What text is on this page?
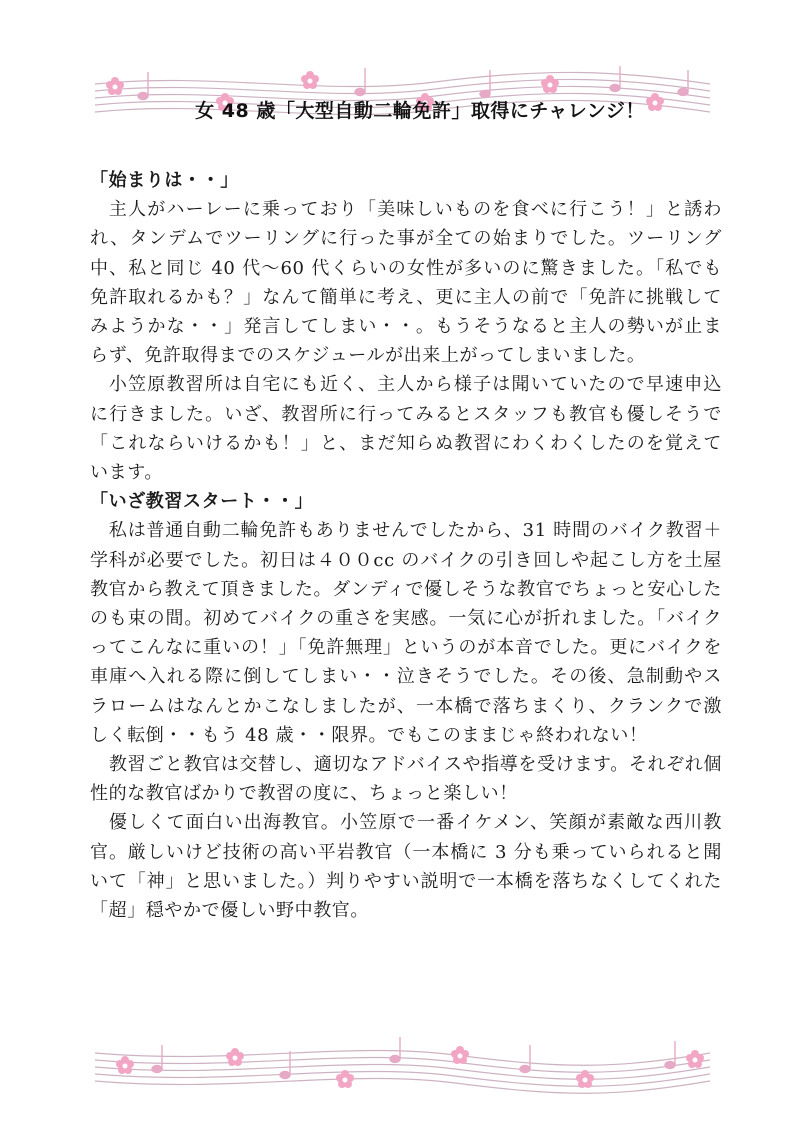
女 48 歳「大型自動二輪免許」取得にチャレンジ！

「始まりは・・」

主人がハーレーに乗っており「美味しいものを食べに行こう！」と誘われ、タンデムでツーリングに行った事が全ての始まりでした。ツーリング中、私と同じ 40 代〜60 代くらいの女性が多いのに驚きました。「私でも免許取れるかも？」なんて簡単に考え、更に主人の前で「免許に挑戦してみようかな・・」発言してしまい・・。もうそうなると主人の勢いが止まらず、免許取得までのスケジュールが出来上がってしまいました。

小笠原教習所は自宅にも近く、主人から様子は聞いていたので早速申込に行きました。いざ、教習所に行ってみるとスタッフも教官も優しそうで「これならいけるかも！」と、まだ知らぬ教習にわくわくしたのを覚えています。

「いざ教習スタート・・」

私は普通自動二輪免許もありませんでしたから、31 時間のバイク教習＋学科が必要でした。初日は４００cc のバイクの引き回しや起こし方を土屋教官から教えて頂きました。ダンディで優しそうな教官でちょっと安心したのも束の間。初めてバイクの重さを実感。一気に心が折れました。「バイクってこんなに重いの！」「免許無理」というのが本音でした。更にバイクを車庫へ入れる際に倒してしまい・・泣きそうでした。その後、急制動やスラロームはなんとかこなしましたが、一本橋で落ちまくり、クランクで激しく転倒・・もう 48 歳・・限界。でもこのままじゃ終われない！

教習ごと教官は交替し、適切なアドバイスや指導を受けます。それぞれ個性的な教官ばかりで教習の度に、ちょっと楽しい！

優しくて面白い出海教官。小笠原で一番イケメン、笑顔が素敵な西川教官。厳しいけど技術の高い平岩教官（一本橋に 3 分も乗っていられると聞いて「神」と思いました。）判りやすい説明で一本橋を落ちなくしてくれた「超」穏やかで優しい野中教官。
